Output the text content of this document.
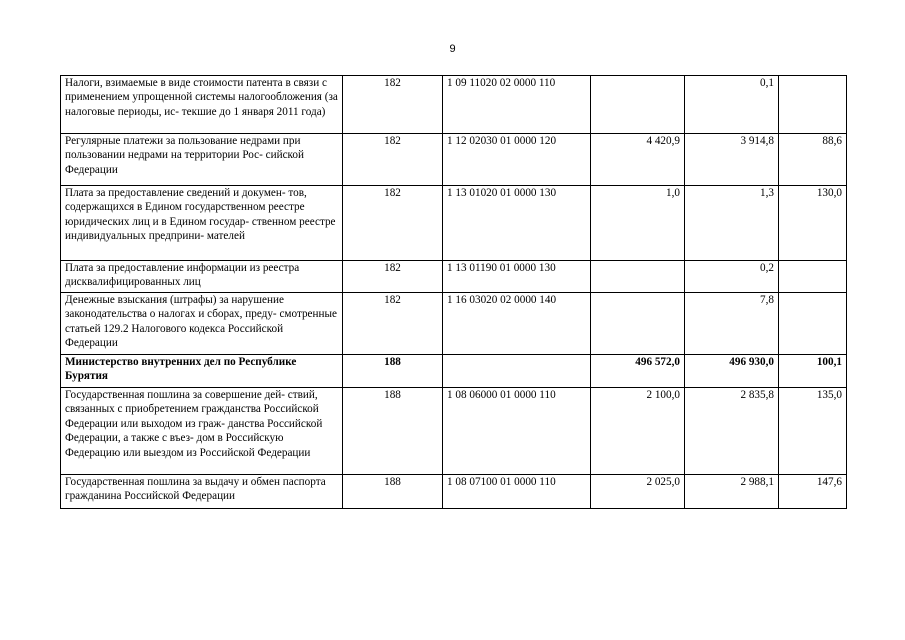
9
Налоги, взимаемые в виде стоимости патента в связи с применением упрощенной системы налогообложения (за налоговые периоды, ис- текшие до 1 января 2011 года)	182	1 09 11020 02 0000 110		0,1	
Регулярные платежи за пользование недрами при пользовании недрами на территории Рос- сийской Федерации	182	1 12 02030 01 0000 120	4 420,9	3 914,8	88,6
Плата за предоставление сведений и докумен- тов, содержащихся в Едином государственном реестре юридических лиц и в Едином государ- ственном реестре индивидуальных предприни- мателей	182	1 13 01020 01 0000 130	1,0	1,3	130,0
Плата за предоставление информации из реестра дисквалифицированных лиц	182	1 13 01190 01 0000 130		0,2	
Денежные взыскания (штрафы) за нарушение законодательства о налогах и сборах, преду- смотренные статьей 129.2 Налогового кодекса Российской Федерации	182	1 16 03020 02 0000 140		7,8	
Министерство внутренних дел по Республике Бурятия	188		496 572,0	496 930,0	100,1
Государственная пошлина за совершение дей- ствий, связанных с приобретением гражданства Российской Федерации или выходом из граж- данства Российской Федерации, а также с въез- дом в Российскую Федерацию или выездом из Российской Федерации	188	1 08 06000 01 0000 110	2 100,0	2 835,8	135,0
Государственная пошлина за выдачу и обмен паспорта гражданина Российской Федерации	188	1 08 07100 01 0000 110	2 025,0	2 988,1	147,6
